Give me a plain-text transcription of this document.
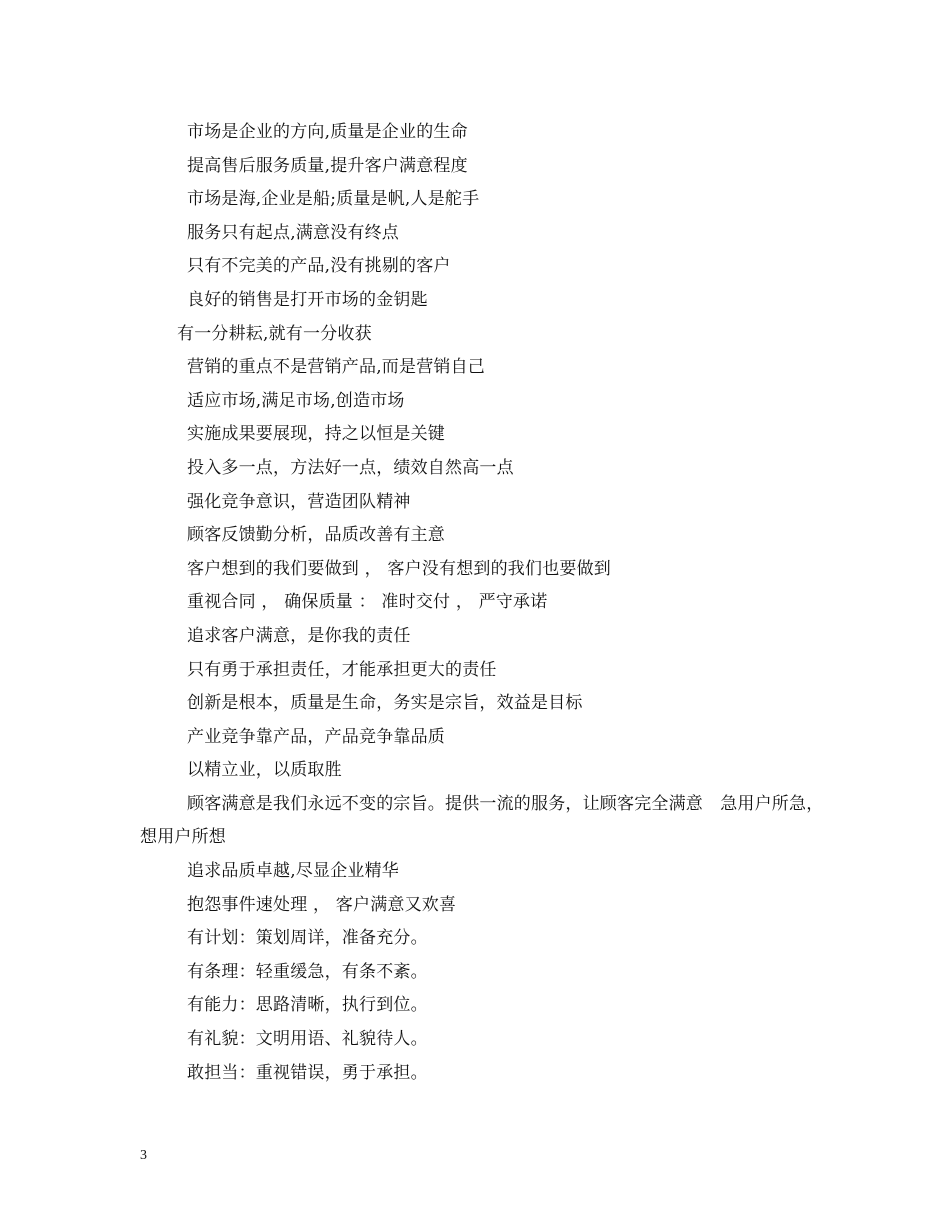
市场是企业的方向,质量是企业的生命
提高售后服务质量,提升客户满意程度
市场是海,企业是船;质量是帆,人是舵手
服务只有起点,满意没有终点
只有不完美的产品,没有挑剔的客户
良好的销售是打开市场的金钥匙
有一分耕耘,就有一分收获
营销的重点不是营销产品,而是营销自己
适应市场,满足市场,创造市场
实施成果要展现，持之以恒是关键
投入多一点，方法好一点，绩效自然高一点
强化竞争意识，营造团队精神
顾客反馈勤分析，品质改善有主意
客户想到的我们要做到 ， 客户没有想到的我们也要做到
重视合同 ， 确保质量 ： 准时交付 ， 严守承诺
追求客户满意，是你我的责任
只有勇于承担责任，才能承担更大的责任
创新是根本，质量是生命，务实是宗旨，效益是目标
产业竞争靠产品，产品竞争靠品质
以精立业，以质取胜
顾客满意是我们永远不变的宗旨。提供一流的服务，让顾客完全满意　急用户所急，想用户所想
追求品质卓越,尽显企业精华
抱怨事件速处理 ， 客户满意又欢喜
有计划：策划周详，准备充分。
有条理：轻重缓急，有条不紊。
有能力：思路清晰，执行到位。
有礼貌：文明用语、礼貌待人。
敢担当：重视错误，勇于承担。
3
